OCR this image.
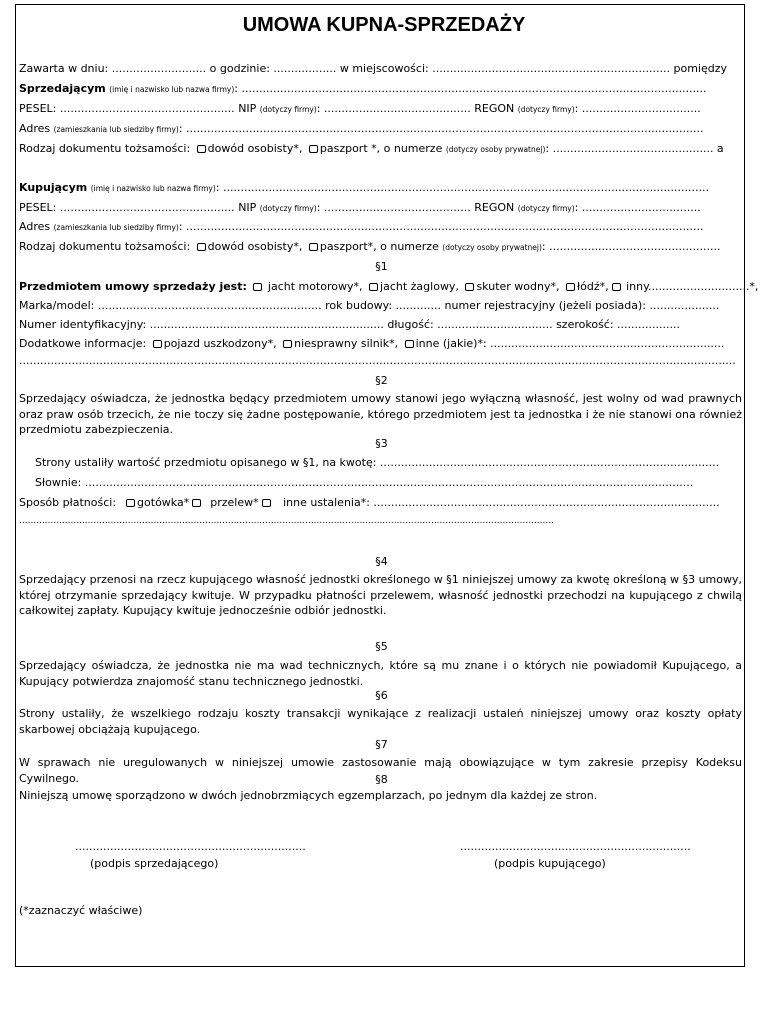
UMOWA KUPNA-SPRZEDAŻY
Zawarta w dniu: ........................... o godzinie: .................. w miejscowości: .................................................................... pomiędzy
Sprzedającym (imię i nazwisko lub nazwa firmy): .....................................................................................................................................
PESEL: .................................................. NIP (dotyczy firmy): .......................................... REGON (dotyczy firmy): ..................................
Adres (zamieszkania lub siedziby firmy): ....................................................................................................................................................
Rodzaj dokumentu tożsamości: dowód osobisty*, paszport *, o numerze (dotyczy osoby prywatnej): .............................................. a
Kupującym (imię i nazwisko lub nazwa firmy): ...........................................................................................................................................
PESEL: .................................................. NIP (dotyczy firmy): .......................................... REGON (dotyczy firmy): ..................................
Adres (zamieszkania lub siedziby firmy): ....................................................................................................................................................
Rodzaj dokumentu tożsamości: dowód osobisty*, paszport*, o numerze (dotyczy osoby prywatnej): .................................................
§1
Przedmiotem umowy sprzedaży jest: jacht motorowy*, jacht żaglowy, skuter wodny*, łódź*, inny.............................*,
Marka/model: ................................................................ rok budowy: ............. numer rejestracyjny (jeżeli posiada): ....................
Numer identyfikacyjny: ................................................................... długość: ................................. szerokość: ..................
Dodatkowe informacje: pojazd uszkodzony*, niesprawny silnik*, inne (jakie)*: ...................................................................
.............................................................................................................................................................................................................
§2
Sprzedający oświadcza, że jednostka będący przedmiotem umowy stanowi jego wyłączną własność, jest wolny od wad prawnych oraz praw osób trzecich, że nie toczy się żadne postępowanie, którego przedmiotem jest ta jednostka i że nie stanowi ona również przedmiotu zabezpieczenia.
§3
Strony ustaliły wartość przedmiotu opisanego w §1, na kwotę: .................................................................................................
Słownie: ..............................................................................................................................................................................
Sposób płatności: gotówka* przelew* inne ustalenia*: ...................................................................................................
...........................................................................................................................................................................................
§4
Sprzedający przenosi na rzecz kupującego własność jednostki określonego w §1 niniejszej umowy za kwotę określoną w §3 umowy, której otrzymanie sprzedający kwituje. W przypadku płatności przelewem, własność jednostki przechodzi na kupującego z chwilą całkowitej zapłaty. Kupujący kwituje jednocześnie odbiór jednostki.
§5
Sprzedający oświadcza, że jednostka nie ma wad technicznych, które są mu znane i o których nie powiadomił Kupującego, a Kupujący potwierdza znajomość stanu technicznego jednostki.
§6
Strony ustaliły, że wszelkiego rodzaju koszty transakcji wynikające z realizacji ustaleń niniejszej umowy oraz koszty opłaty skarbowej obciążają kupującego.
§7
W sprawach nie uregulowanych w niniejszej umowie zastosowanie mają obowiązujące w tym zakresie przepisy Kodeksu Cywilnego.	§8
Niniejszą umowę sporządzono w dwóch jednobrzmiących egzemplarzach, po jednym dla każdej ze stron.
..................................................................
(podpis sprzedającego)
..................................................................
(podpis kupującego)
(*zaznaczyć właściwe)
